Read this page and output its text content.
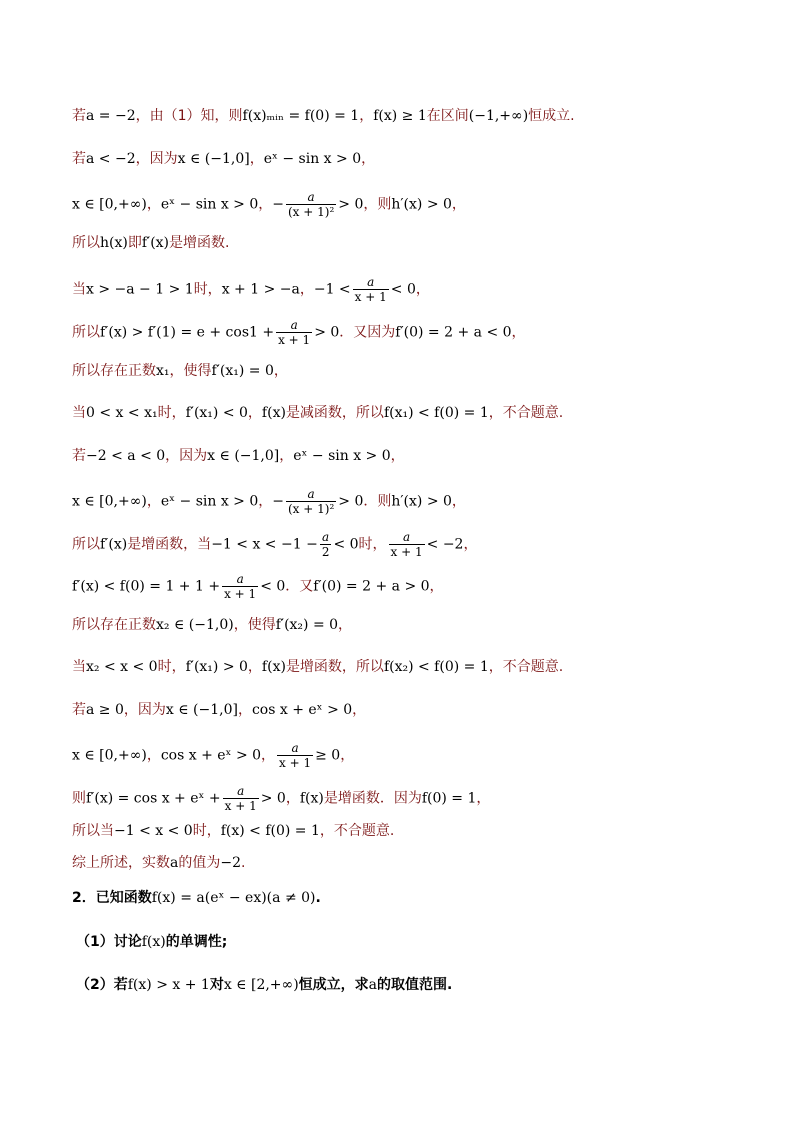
若a = −2，由（1）知，则f(x)ₘᵢₙ = f(0) = 1，f(x) ≥ 1在区间(−1,+∞)恒成立.
若a < −2，因为x ∈ (−1,0]，eˣ − sin x > 0，
x ∈ [0,+∞)，eˣ − sin x > 0，− $\frac{a}{\text{(x + 1)²}} > 0$，则h′(x) > 0，
所以h(x)即f′(x)是增函数.
当x > −a − 1 > 1时，x + 1 > −a，$-1 < \frac{a}{x + 1} < 0$，
所以$f'(x) > f'(1) = e + \cos 1 + \frac{a}{x + 1} > 0$．又因为f′(0) = 2 + a < 0，
所以存在正数x₁，使得f′(x₁) = 0，
当0 < x < x₁时，f′(x₁) < 0，f(x)是减函数，所以f(x₁) < f(0) = 1，不合题意.
若−2 < a < 0，因为x ∈ (−1,0]，eˣ − sin x > 0，
x ∈ [0,+∞)，eˣ − sin x > 0，− $\frac{a}{\text{(x + 1)²}} > 0$．则h′(x) > 0，
所以f′(x)是增函数，当$-1 < x < -1 - \frac{a}{2} < 0$时， $\frac{a}{x + 1} < -2$，
$f'(x) < f(0) = 1 + 1 + \frac{a}{x + 1} < 0$．又f′(0) = 2 + a > 0，
所以存在正数x₂ ∈ (−1,0)，使得f′(x₂) = 0，
当x₂ < x < 0时，f′(x₁) > 0，f(x)是增函数，所以f(x₂) < f(0) = 1，不合题意.
若a ≥ 0，因为x ∈ (−1,0]，cos x + eˣ > 0，
x ∈ [0,+∞)，cos x + eˣ > 0， $\frac{a}{x + 1} \ge 0$，
则f′(x) = cos x + eˣ + $\frac{a}{x + 1} > 0$，f(x)是增函数．因为f(0) = 1，
所以当−1 < x < 0时，f(x) < f(0) = 1，不合题意.
综上所述，实数a的值为−2.
2．已知函数f(x) = a(eˣ − ex)(a ≠ 0).
（1）讨论f(x)的单调性;
（2）若f(x) > x + 1对x ∈ [2,+∞)恒成立，求a的取值范围.
